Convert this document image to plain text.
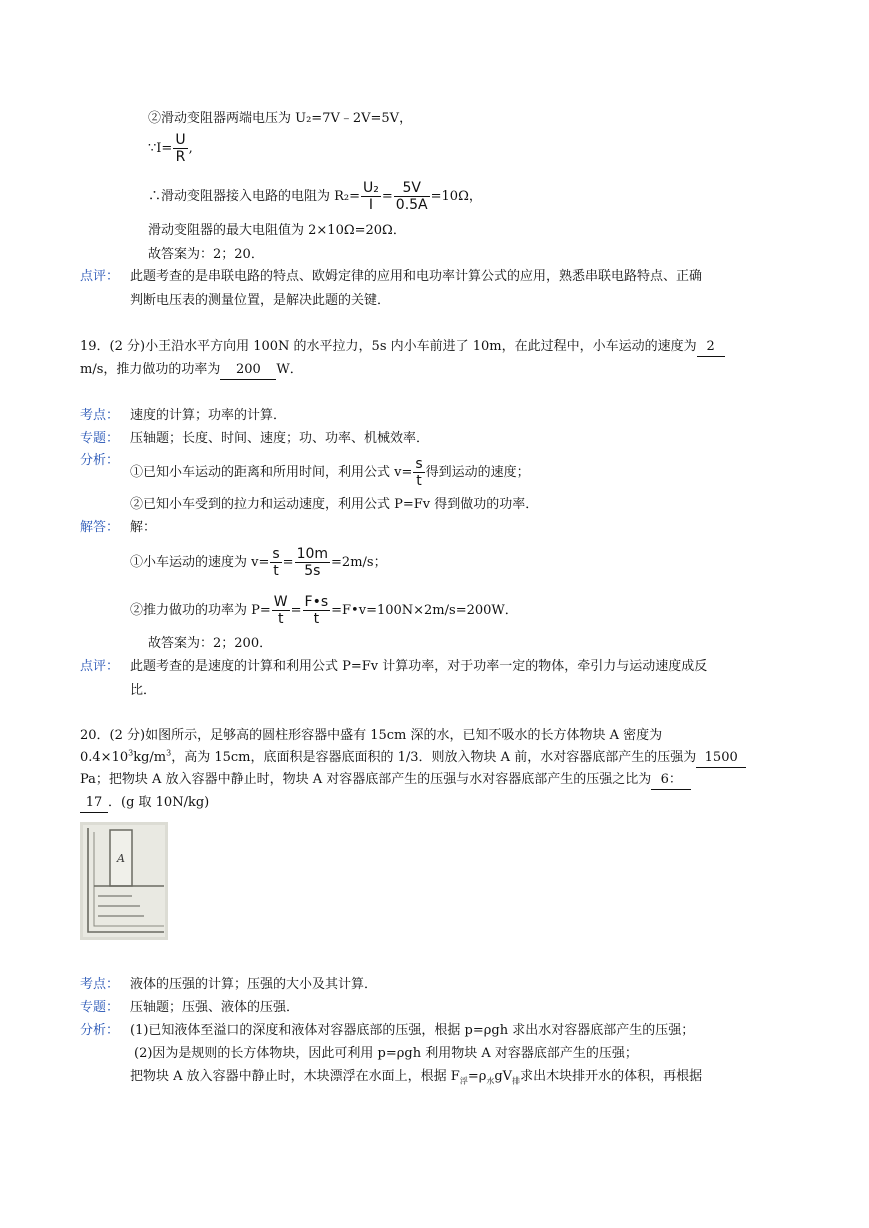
②滑动变阻器两端电压为 U₂=7V﹣2V=5V，
∵I= $\frac{U}{R}$ ,
∴滑动变阻器接入电路的电阻为 $R_2= \frac{\text{U₂}}{I} = \frac{5V}{0.5A} =10\Omega$，
滑动变阻器的最大电阻值为 2×10Ω=20Ω．
故答案为：2；20．
点评： 此题考查的是串联电路的特点、欧姆定律的应用和电功率计算公式的应用，熟悉串联电路特点、正确
判断电压表的测量位置，是解决此题的关键．
19．(2 分)小王沿水平方向用 100N 的水平拉力，5s 内小车前进了 10m，在此过程中，小车运动的速度为 2
m/s，推力做功的功率为 200 W．
考点： 速度的计算；功率的计算．
专题： 压轴题；长度、时间、速度；功、功率、机械效率．
分析：
①已知小车运动的距离和所用时间，利用公式 $v= \frac{s}{t}$ 得到运动的速度；
②已知小车受到的拉力和运动速度，利用公式 P=Fv 得到做功的功率．
解答： 解：
①小车运动的速度为 $v= \frac{s}{t} = \frac{10m}{5s} =2m/s$；
②推力做功的功率为 $P= \frac{W}{t} = \frac{F•s}{t}$ =F•v=100N×2m/s=200W．
故答案为：2；200．
点评： 此题考查的是速度的计算和利用公式 P=Fv 计算功率，对于功率一定的物体，牵引力与运动速度成反
比．
20．(2 分)如图所示，足够高的圆柱形容器中盛有 15cm 深的水，已知不吸水的长方体物块 A 密度为
$0.4\times 10^3kg/m^3$，高为 15cm，底面积是容器底面积的 1/3．则放入物块 A 前，水对容器底部产生的压强为 1500
Pa；把物块 A 放入容器中静止时，物块 A 对容器底部产生的压强与水对容器底部产生的压强之比为 6：
17 ．(g 取 10N/kg)
A
考点： 液体的压强的计算；压强的大小及其计算．
专题： 压轴题；压强、液体的压强．
分析： (1)已知液体至溢口的深度和液体对容器底部的压强，根据 p=ρgh 求出水对容器底部产生的压强；
(2)因为是规则的长方体物块，因此可利用 p=ρgh 利用物块 A 对容器底部产生的压强；
把物块 A 放入容器中静止时，木块漂浮在水面上，根据 $F_浮=\rho_水gV_排$求出木块排开水的体积，再根据
